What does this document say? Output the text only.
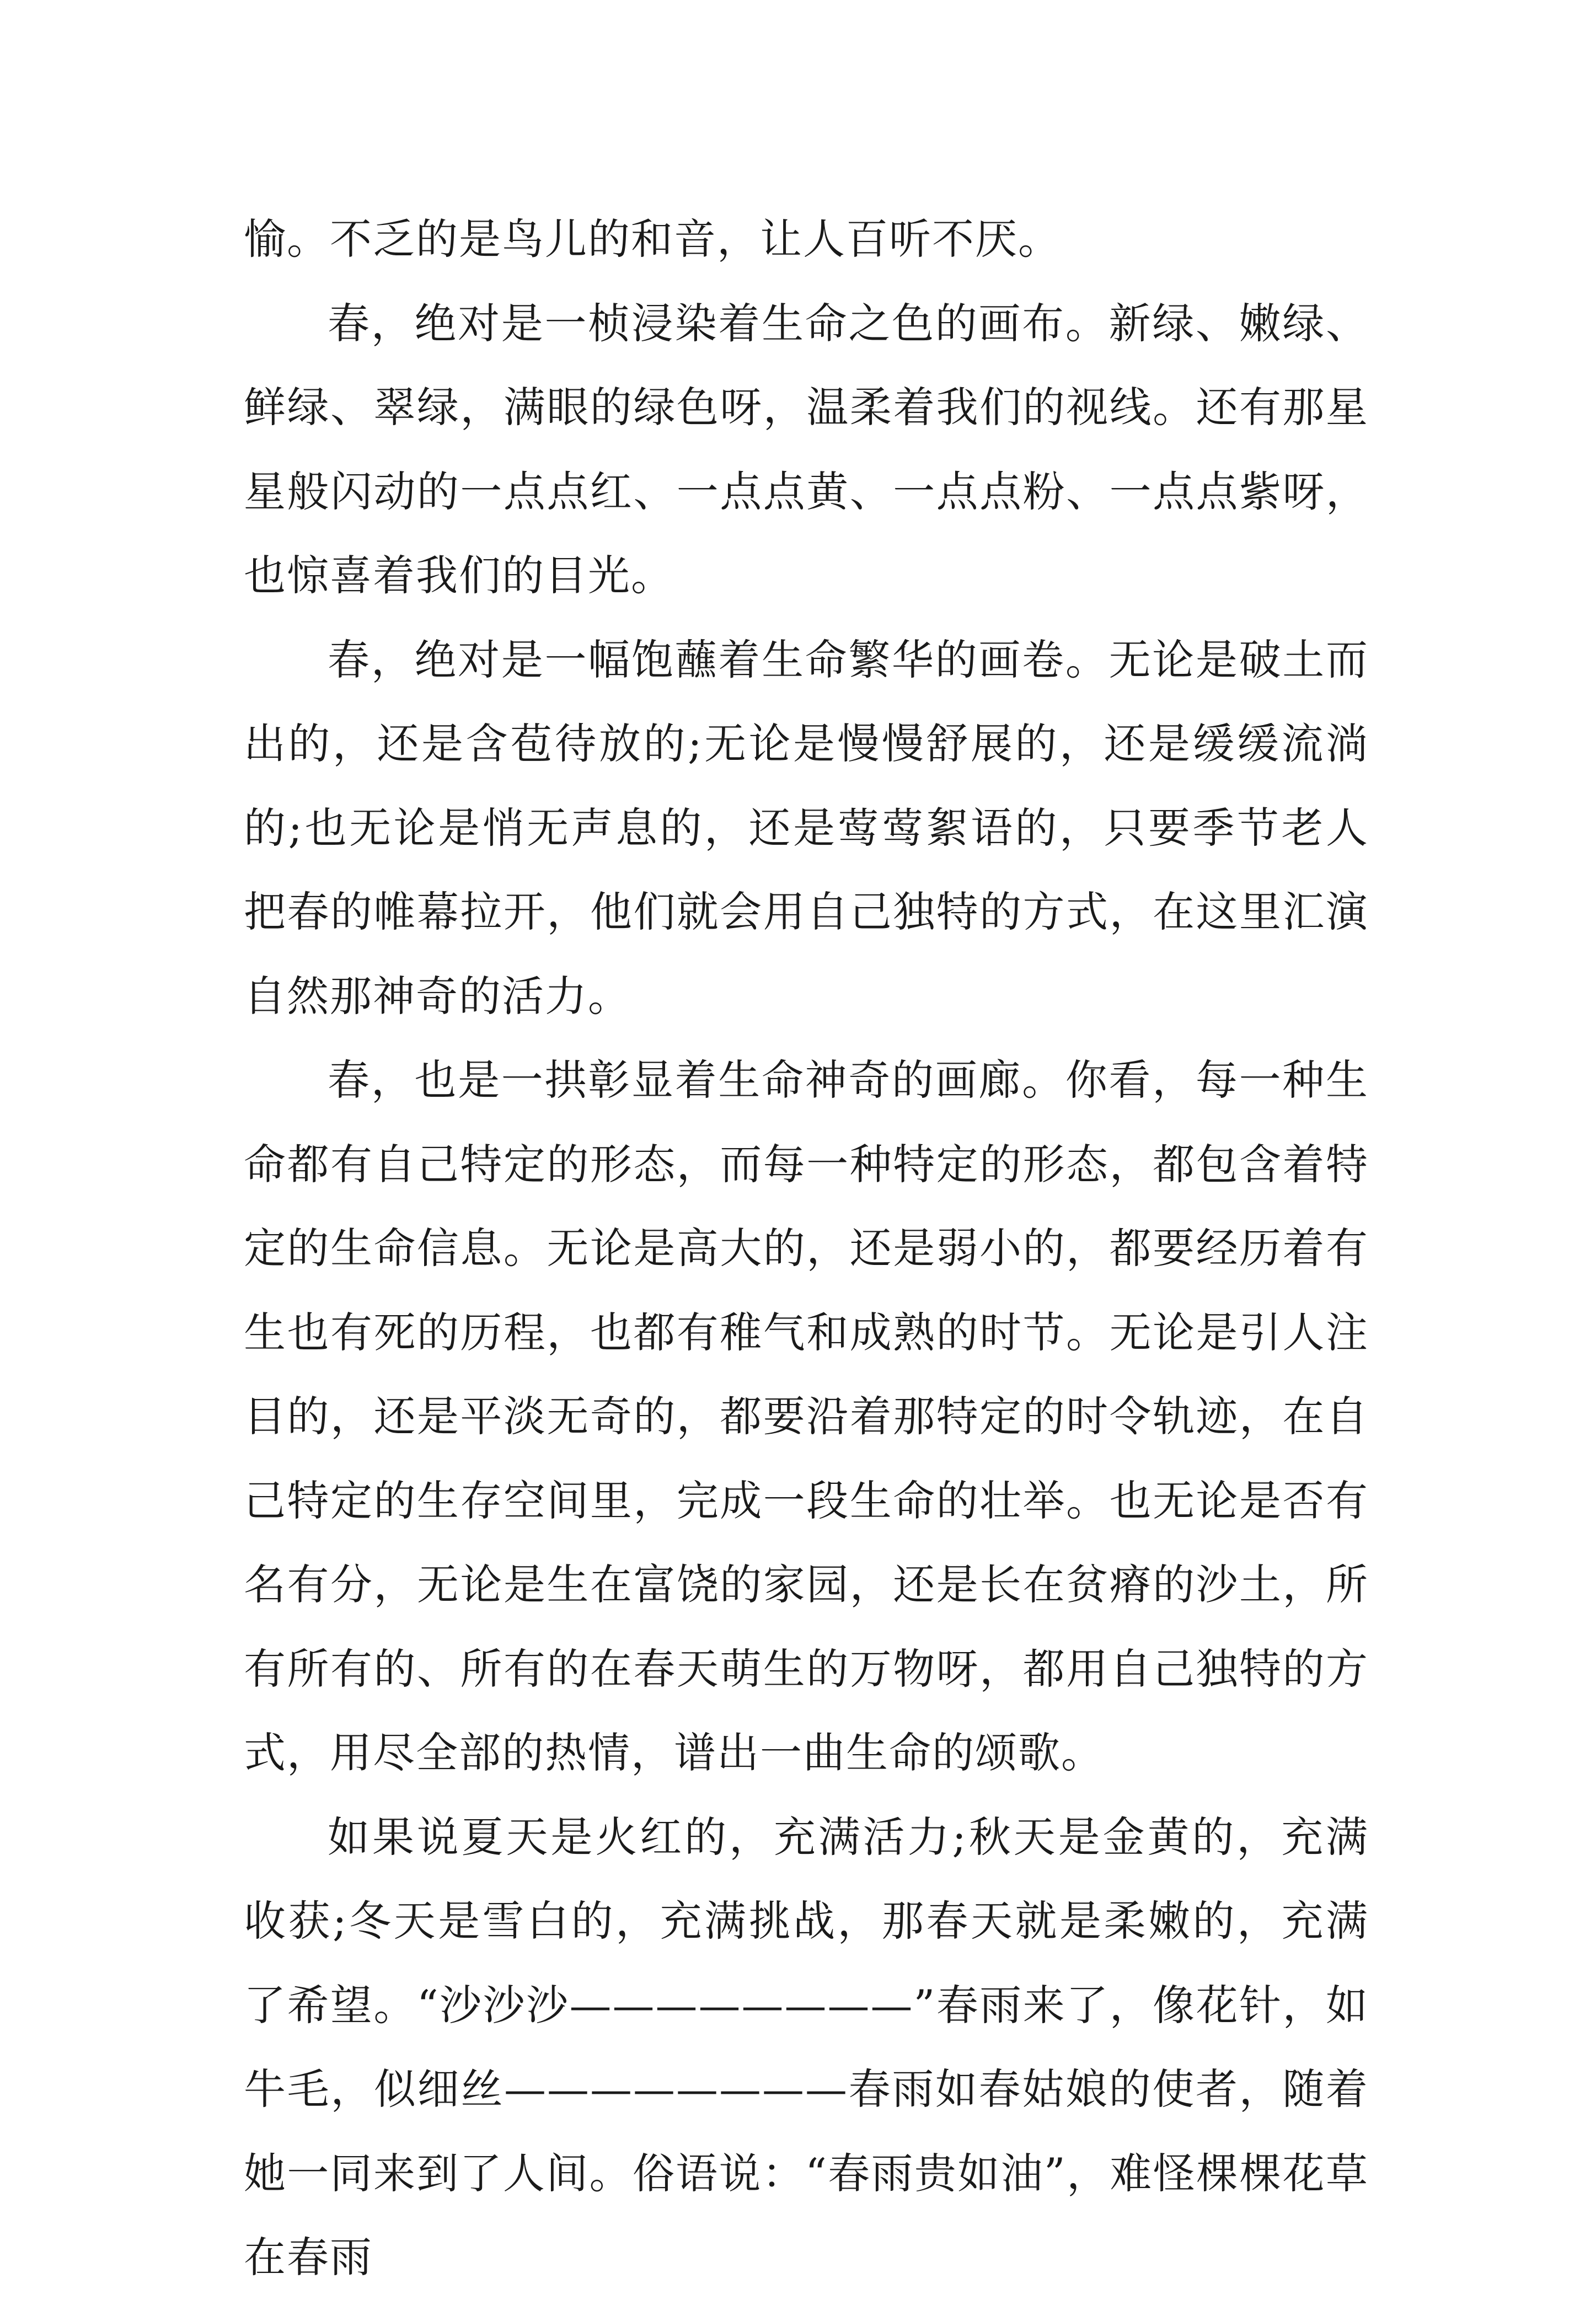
愉。不乏的是鸟儿的和音，让人百听不厌。

春，绝对是一桢浸染着生命之色的画布。新绿、嫩绿、鲜绿、翠绿，满眼的绿色呀，温柔着我们的视线。还有那星星般闪动的一点点红、一点点黄、一点点粉、一点点紫呀，也惊喜着我们的目光。

春，绝对是一幅饱蘸着生命繁华的画卷。无论是破土而出的，还是含苞待放的;无论是慢慢舒展的，还是缓缓流淌的;也无论是悄无声息的，还是莺莺絮语的，只要季节老人把春的帷幕拉开，他们就会用自己独特的方式，在这里汇演自然那神奇的活力。

春，也是一拱彰显着生命神奇的画廊。你看，每一种生命都有自己特定的形态，而每一种特定的形态，都包含着特定的生命信息。无论是高大的，还是弱小的，都要经历着有生也有死的历程，也都有稚气和成熟的时节。无论是引人注目的，还是平淡无奇的，都要沿着那特定的时令轨迹，在自己特定的生存空间里，完成一段生命的壮举。也无论是否有名有分，无论是生在富饶的家园，还是长在贫瘠的沙土，所有所有的、所有的在春天萌生的万物呀，都用自己独特的方式，用尽全部的热情，谱出一曲生命的颂歌。

如果说夏天是火红的，充满活力;秋天是金黄的，充满收获;冬天是雪白的，充满挑战，那春天就是柔嫩的，充满了希望。“沙沙沙————————”春雨来了，像花针，如牛毛，似细丝————————春雨如春姑娘的使者，随着她一同来到了人间。俗语说：“春雨贵如油”，难怪棵棵花草在春雨
